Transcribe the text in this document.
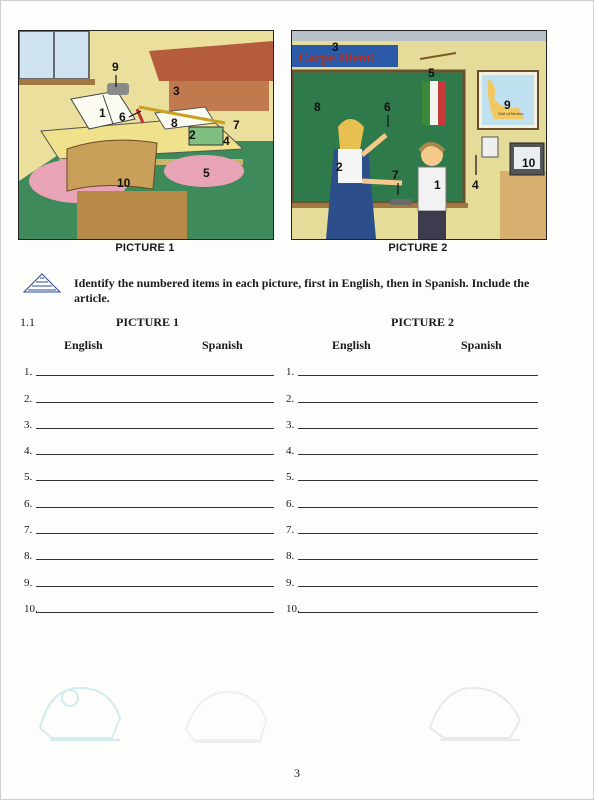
1
2
3
4
5
6
7
8
9
10
PICTURE 1
Carpe Diem!
Gulf of Mexico
3
5
8	6	9
2
7
1	4
10
PICTURE 2
Identify the numbered items in each picture, first in English, then in Spanish. Include the article.
1.1	PICTURE 1	PICTURE 2
English	Spanish	English	Spanish
1.
2.
3.
4.
5.
6.
7.
8.
9.
10.
1.
2.
3.
4.
5.
6.
7.
8.
9.
10.
3
